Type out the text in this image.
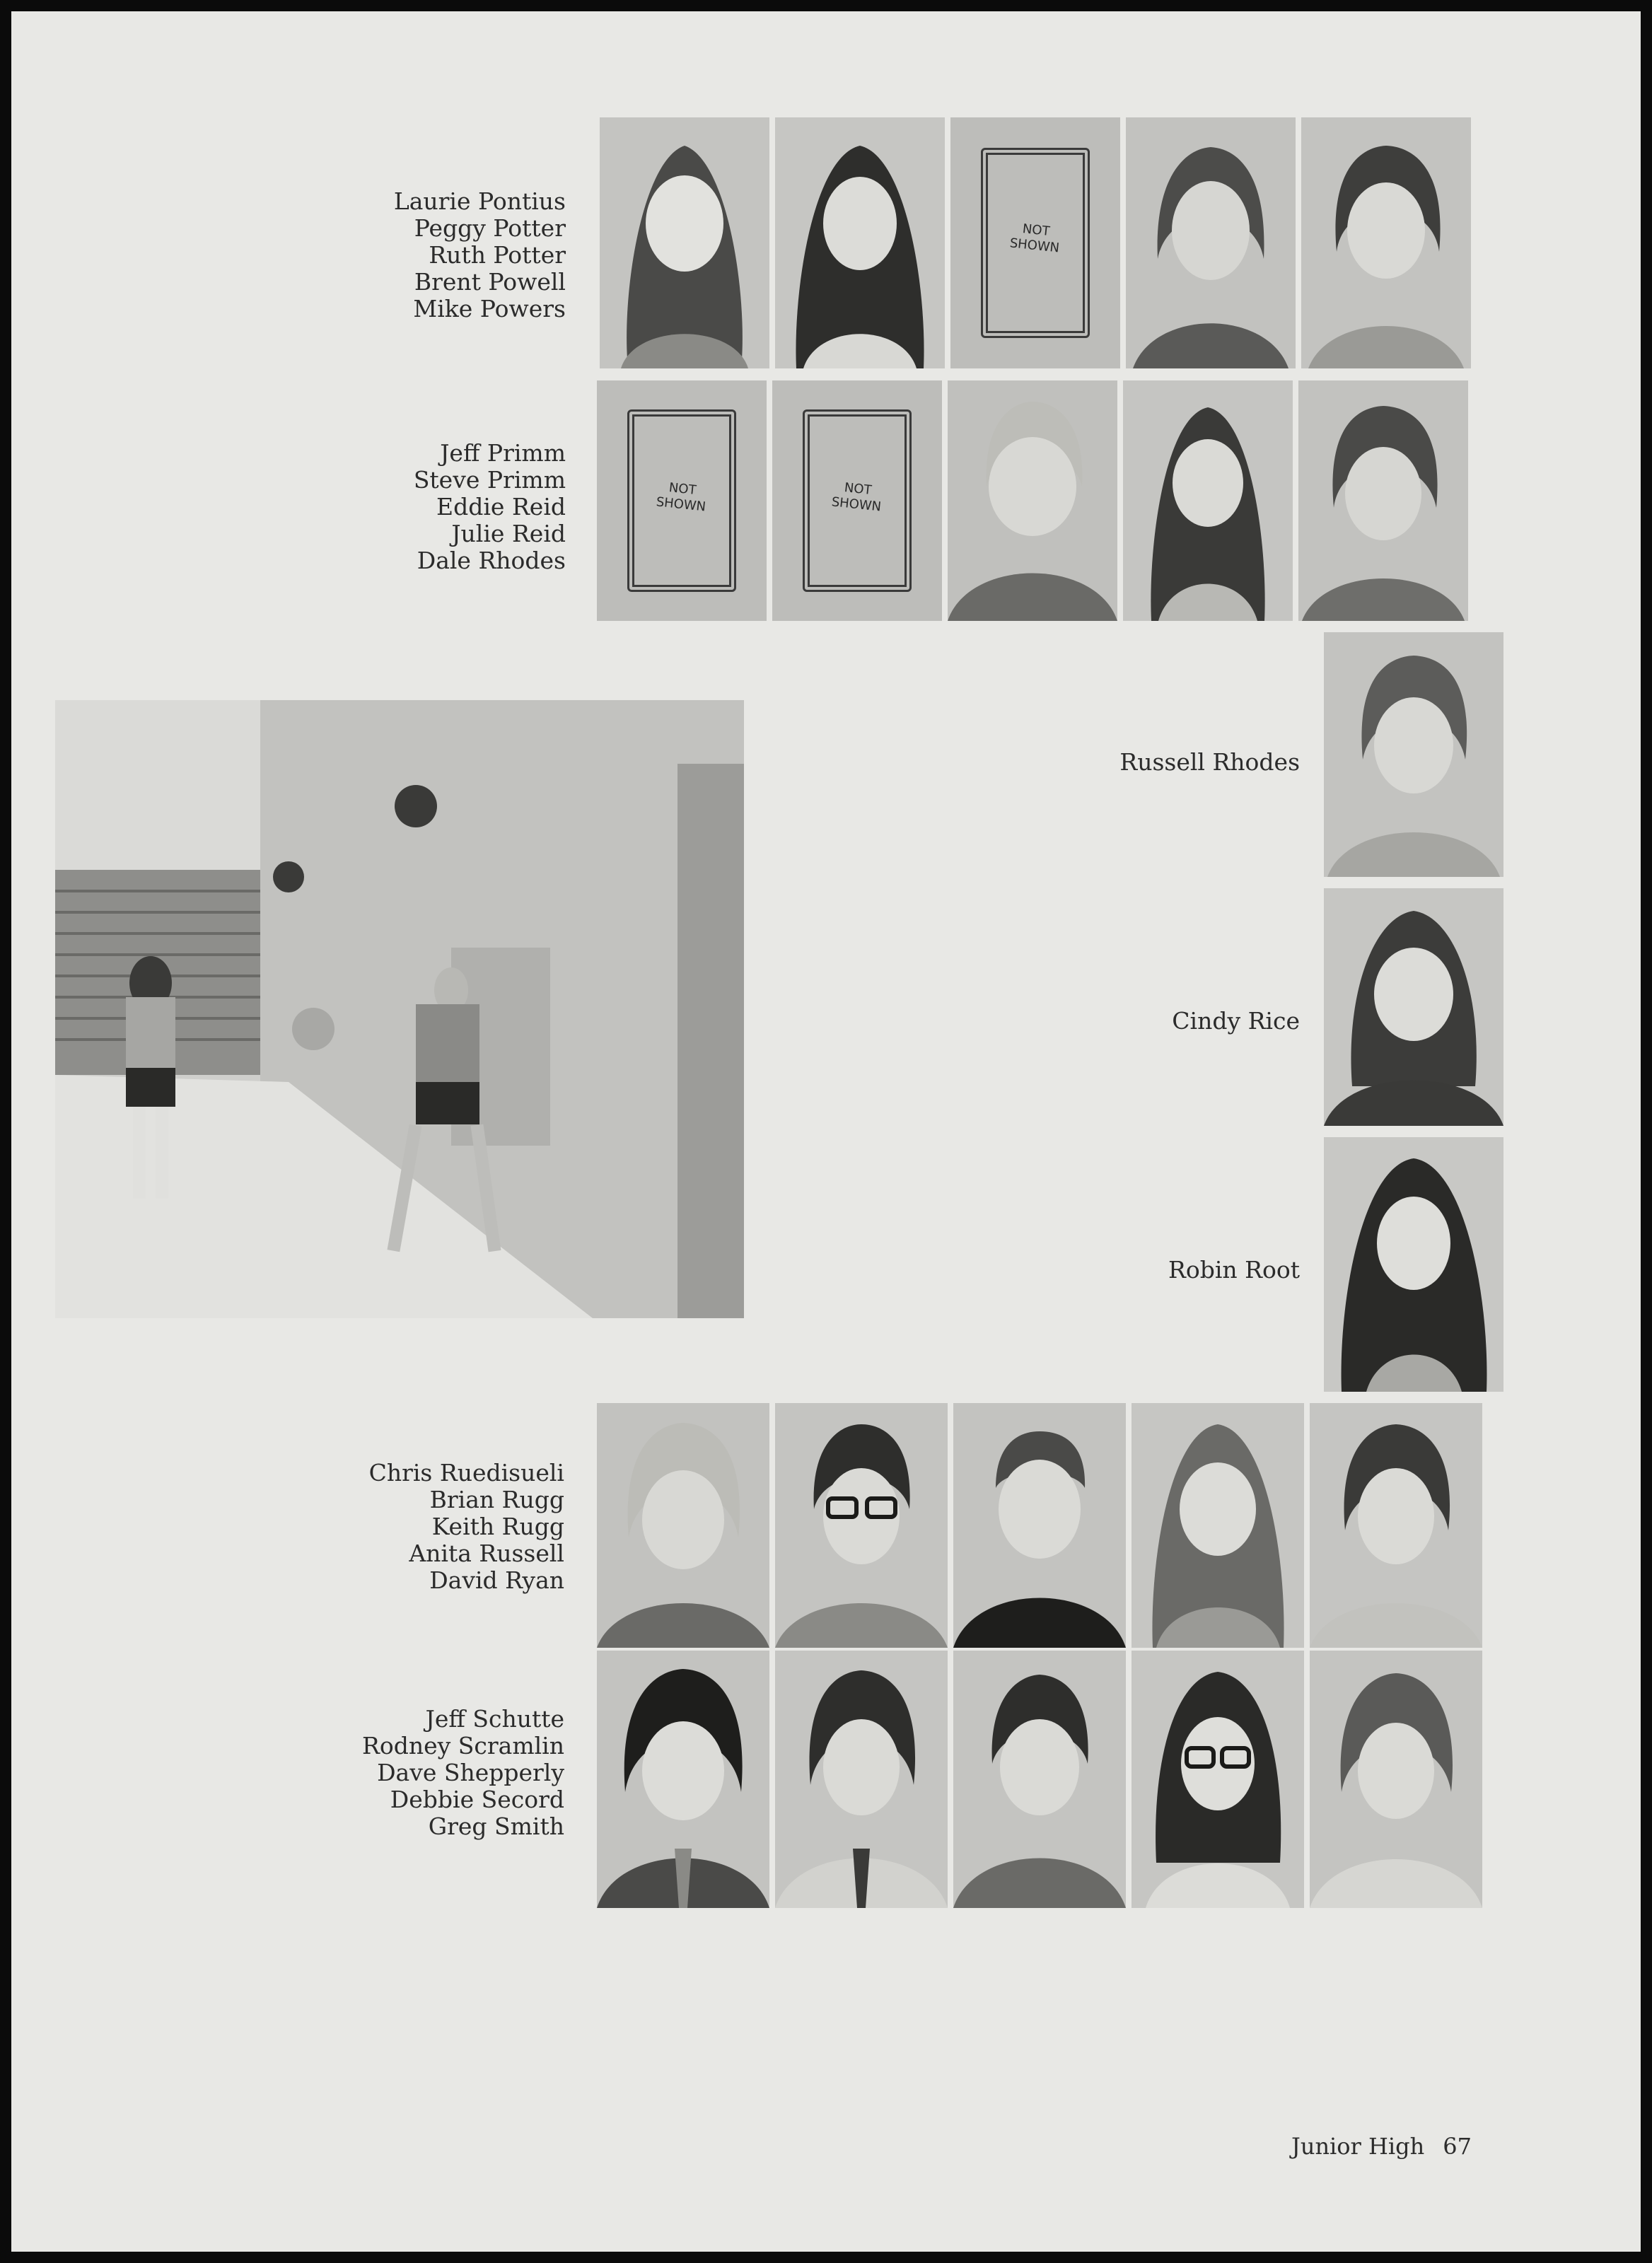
Laurie Pontius
Peggy Potter
Ruth Potter
Brent Powell
Mike Powers
NOT
SHOWN
Jeff Primm
Steve Primm
Eddie Reid
Julie Reid
Dale Rhodes
NOT
SHOWN
NOT
SHOWN
Russell Rhodes
Cindy Rice
Robin Root
Chris Ruedisueli
Brian Rugg
Keith Rugg
Anita Russell
David Ryan
Jeff Schutte
Rodney Scramlin
Dave Shepperly
Debbie Secord
Greg Smith
Junior High 67
